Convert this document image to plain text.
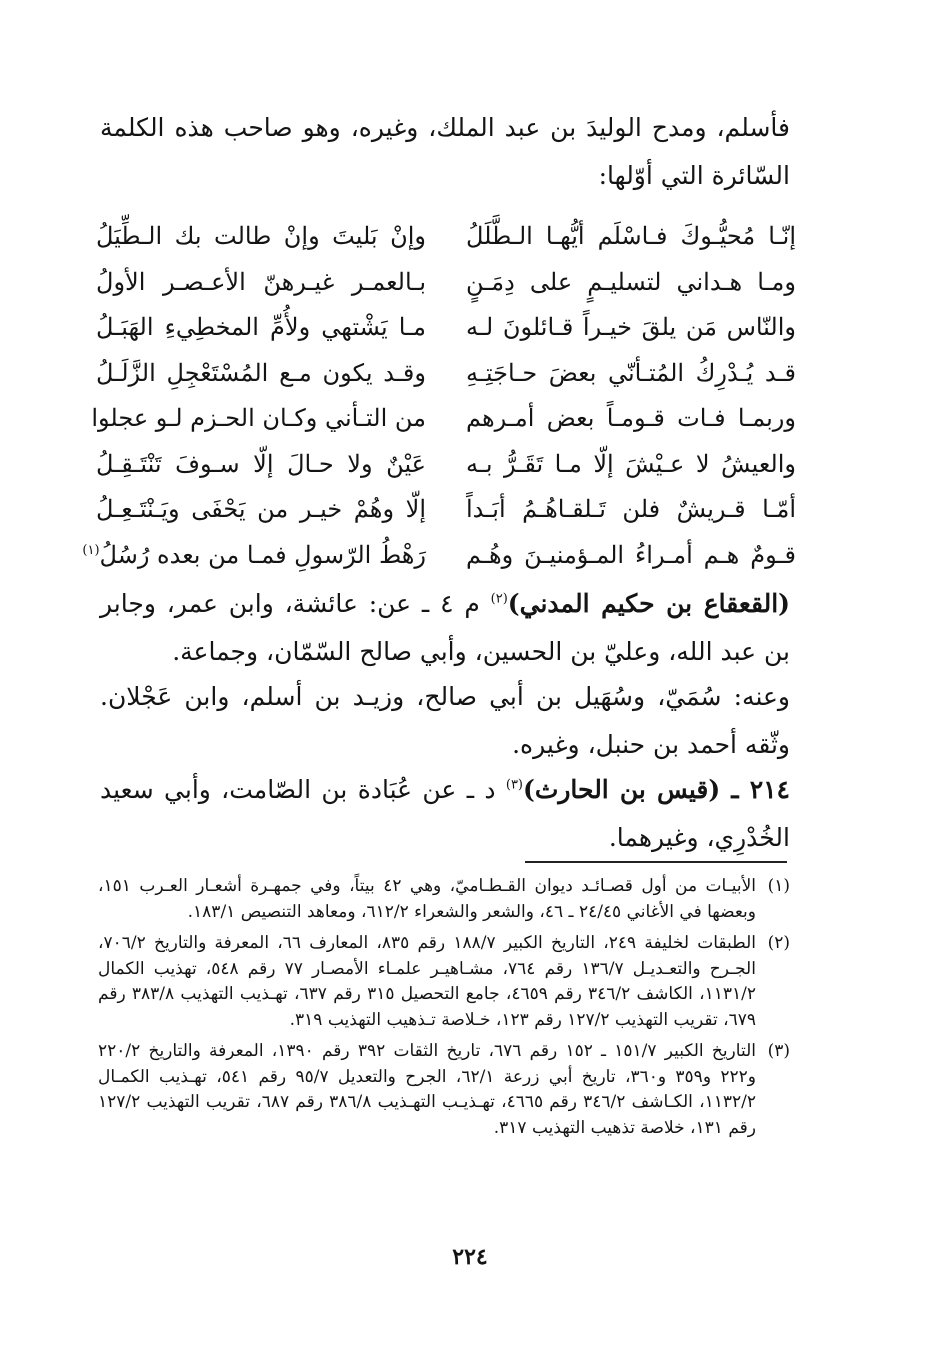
فأسلم، ومدح الوليدَ بن عبد الملك، وغيره، وهو صاحب هذه الكلمة السّائرة التي أوّلها:
إنّـا مُحيُّـوكَ فـاسْلَم أيُّهـا الـطَّلَلُ
وإنْ بَليتَ وإنْ طالت بك الـطِّيَلُ
ومـا هـداني لتسليـمٍ على دِمَـنٍ
بـالعمـر غيـرهنّ الأعـصـر الأولُ
والنّاس مَن يلقَ خيـراً قـائلونَ لـه
مـا يَشْتهي ولأُمِّ المخطِيءِ الهَبَـلُ
قـد يُـدْرِكُ المُتـأنّي بعضَ حـاجَتِـهِ
وقـد يكون مـع المُسْتَعْجِلِ الزَّلَـلُ
وربمـا فـات قـومـاً بعض أمـرهم
من التـأني وكـان الحـزم لـو عجلوا
والعيشُ لا عـيْشَ إلّا مـا تَقَـرُّ بـه
عَيْنٌ ولا حـالَ إلّا سـوفَ تَنْتَـقِـلُ
أمّـا قـريشٌ فلن تَـلقـاهُـمُ أبَـداً
إلّا وهُمْ خيـر من يَحْفَى ويَـنْتَـعِـلُ
قـومٌ هـم أمـراءُ المـؤمنيـنَ وهُـم
رَهْطُ الرّسولِ فمـا من بعده رُسُلُ$^{(١)}$
(القعقاع بن حكيم المدني)$^{(٢)}$ م ٤ ـ عن: عائشة، وابن عمر، وجابر بن عبد الله، وعليّ بن الحسين، وأبي صالح السّمّان، وجماعة.
وعنه: سُمَيّ، وسُهَيل بن أبي صالح، وزيـد بن أسلم، وابن عَجْلان. وثّقه أحمد بن حنبل، وغيره.
٢١٤ ـ (قيس بن الحارث)$^{(٣)}$ د ـ عن عُبَادة بن الصّامت، وأبي سعيد الخُدْرِي، وغيرهما.
(١)
الأبيـات من أول قصـائـد ديوان القـطـاميّ، وهي ٤٢ بيتاً، وفي جمهـرة أشعـار العـرب ١٥١، وبعضها في الأغاني ٢٤/٤٥ ـ ٤٦، والشعر والشعراء ٦١٢/٢، ومعاهد التنصيص ١٨٣/١.
(٢)
الطبقات لخليفة ٢٤٩، التاريخ الكبير ١٨٨/٧ رقم ٨٣٥، المعارف ٦٦، المعرفة والتاريخ ٧٠٦/٢، الجـرح والتعـديـل ١٣٦/٧ رقم ٧٦٤، مشـاهيـر علمـاء الأمصـار ٧٧ رقم ٥٤٨، تهذيب الكمال ١١٣١/٢، الكاشف ٣٤٦/٢ رقم ٤٦٥٩، جامع التحصيل ٣١٥ رقم ٦٣٧، تهـذيب التهذيب ٣٨٣/٨ رقم ٦٧٩، تقريب التهذيب ١٢٧/٢ رقم ١٢٣، خـلاصة تـذهيب التهذيب ٣١٩.
(٣)
التاريخ الكبير ١٥١/٧ ـ ١٥٢ رقم ٦٧٦، تاريخ الثقات ٣٩٢ رقم ١٣٩٠، المعرفة والتاريخ ٢٢٠/٢ و٢٢٢ و٣٥٩ و٣٦٠، تاريخ أبي زرعة ٦٢/١، الجرح والتعديل ٩٥/٧ رقم ٥٤١، تهـذيب الكمـال ١١٣٢/٢، الكـاشف ٣٤٦/٢ رقم ٤٦٦٥، تهـذيـب التهـذيب ٣٨٦/٨ رقم ٦٨٧، تقريب التهذيب ١٢٧/٢ رقم ١٣١، خلاصة تذهيب التهذيب ٣١٧.
٢٢٤
